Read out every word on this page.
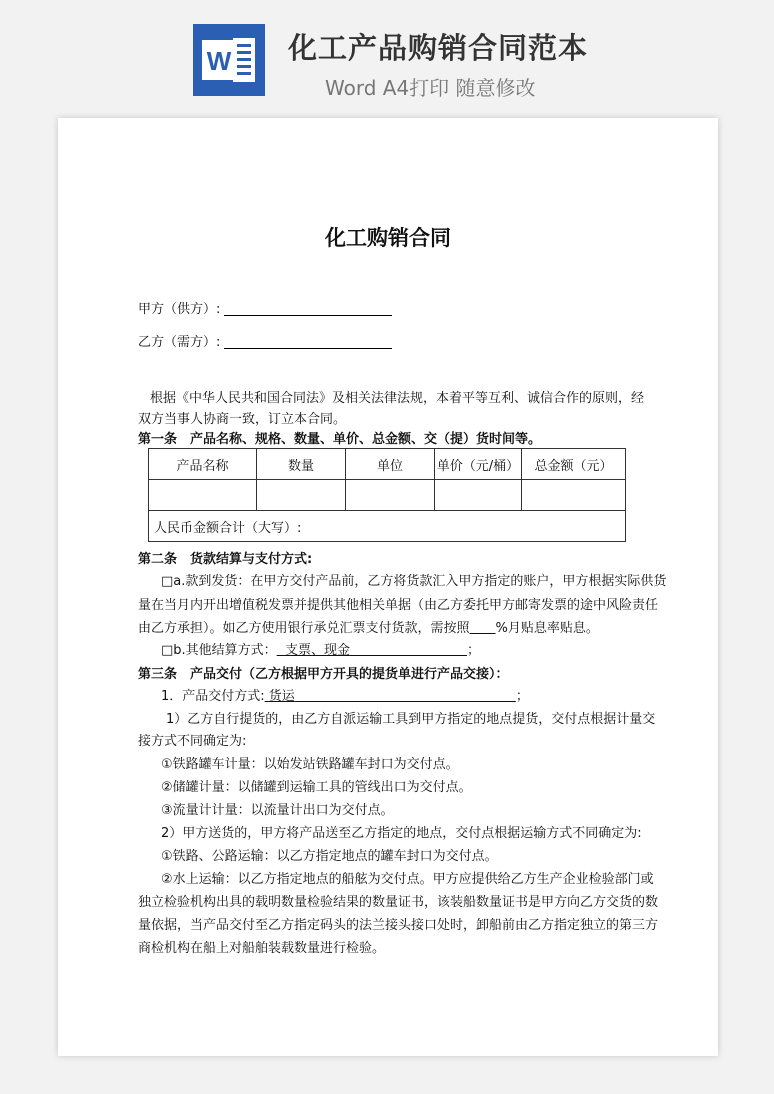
W 化工产品购销合同范本
Word A4打印 随意修改
化工购销合同
甲方（供方）:
乙方（需方）:
根据《中华人民共和国合同法》及相关法律法规，本着平等互利、诚信合作的原则，经
双方当事人协商一致，订立本合同。
第一条　产品名称、规格、数量、单价、总金额、交（提）货时间等。
产品名称	数量	单位	单价（元/桶）	总金额（元）

人民币金额合计（大写）:				
第二条　货款结算与支付方式:
□a.款到发货：在甲方交付产品前，乙方将货款汇入甲方指定的账户，甲方根据实际供货
量在当月内开出增值税发票并提供其他相关单据（由乙方委托甲方邮寄发票的途中风险责任
由乙方承担）。如乙方使用银行承兑汇票支付货款，需按照　　 %月贴息率贴息。
□b.其他结算方式： 支票、现金　　　　　　　　　	；
第三条　产品交付（乙方根据甲方开具的提货单进行产品交接）：
1．产品交付方式: 货运　　　　　　　　　　　　　　　　　	；
1）乙方自行提货的，由乙方自派运输工具到甲方指定的地点提货，交付点根据计量交
接方式不同确定为:
①铁路罐车计量：以始发站铁路罐车封口为交付点。
②储罐计量：以储罐到运输工具的管线出口为交付点。
③流量计计量：以流量计出口为交付点。
2）甲方送货的，甲方将产品送至乙方指定的地点，交付点根据运输方式不同确定为:
①铁路、公路运输：以乙方指定地点的罐车封口为交付点。
②水上运输：以乙方指定地点的船舷为交付点。甲方应提供给乙方生产企业检验部门或
独立检验机构出具的载明数量检验结果的数量证书，该装船数量证书是甲方向乙方交货的数
量依据，当产品交付至乙方指定码头的法兰接头接口处时，卸船前由乙方指定独立的第三方
商检机构在船上对船舶装载数量进行检验。
